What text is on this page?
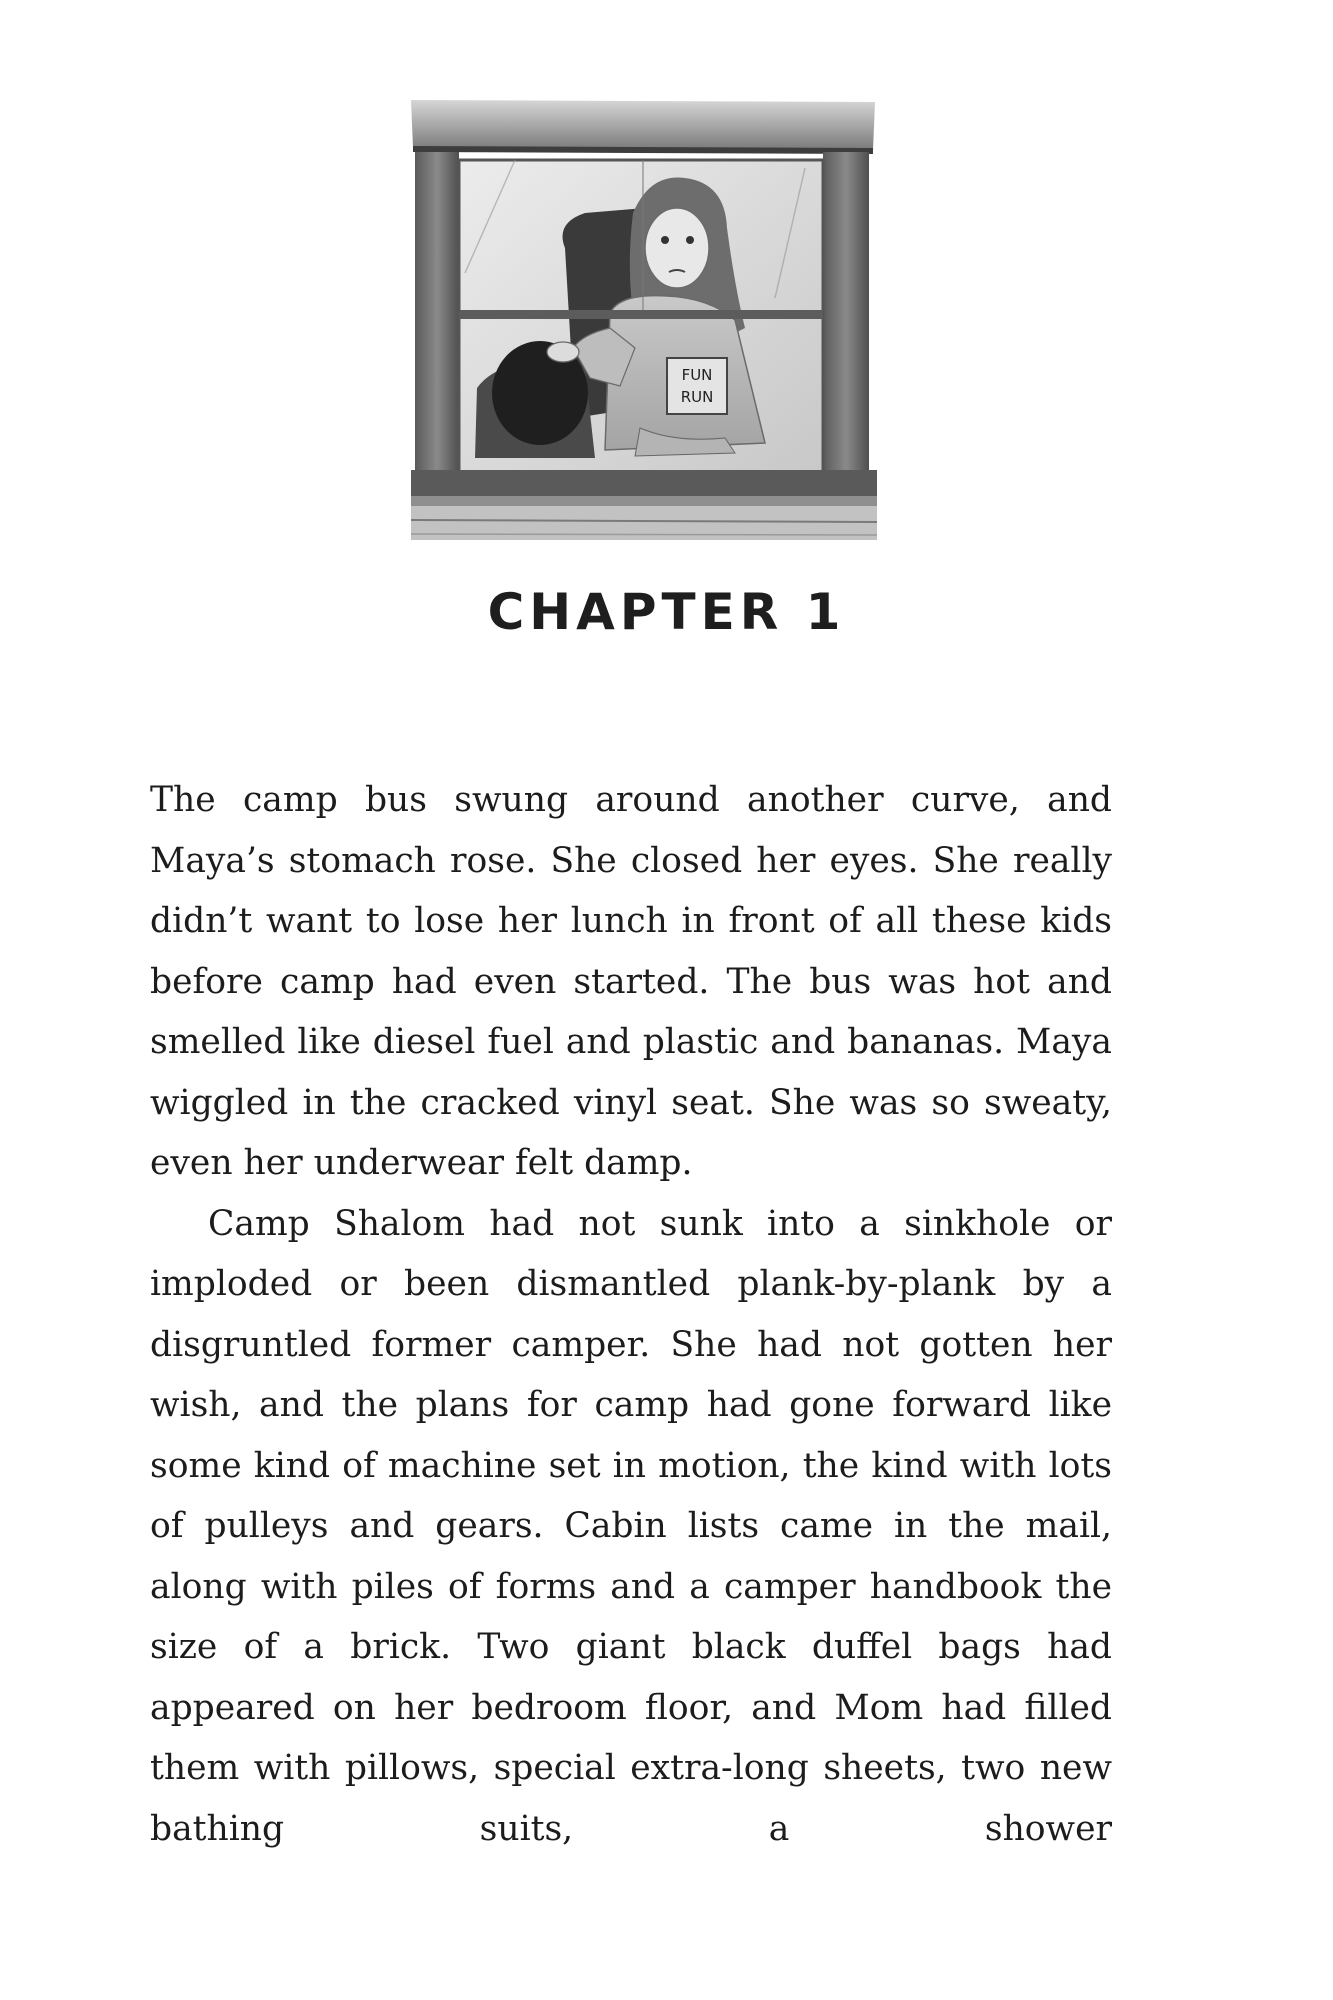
FUN
RUN
CHAPTER 1

The camp bus swung around another curve, and Maya’s stomach rose. She closed her eyes. She really didn’t want to lose her lunch in front of all these kids before camp had even started. The bus was hot and smelled like diesel fuel and plastic and bananas. Maya wiggled in the cracked vinyl seat. She was so sweaty, even her underwear felt damp.

Camp Shalom had not sunk into a sinkhole or imploded or been dismantled plank-by-plank by a disgruntled former camper. She had not gotten her wish, and the plans for camp had gone forward like some kind of machine set in motion, the kind with lots of pulleys and gears. Cabin lists came in the mail, along with piles of forms and a camper handbook the size of a brick. Two giant black duffel bags had appeared on her bedroom floor, and Mom had filled them with pillows, special extra-long sheets, two new bathing suits, a shower
